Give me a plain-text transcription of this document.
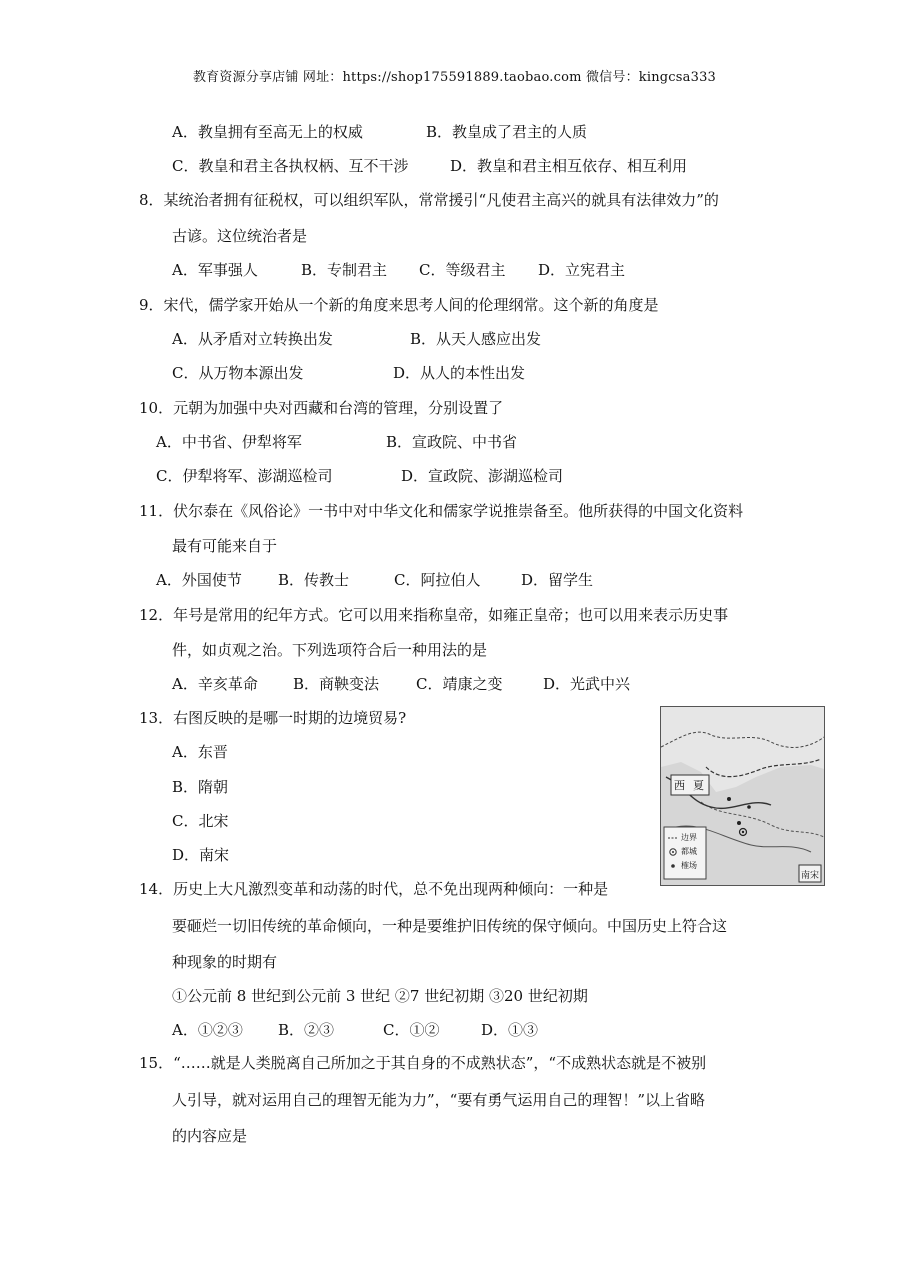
教育资源分享店铺 网址：https://shop175591889.taobao.com 微信号：kingcsa333
A．教皇拥有至高无上的权威	B．教皇成了君主的人质
C．教皇和君主各执权柄、互不干涉	D．教皇和君主相互依存、相互利用
8．某统治者拥有征税权，可以组织军队，常常援引“凡使君主高兴的就具有法律效力”的
古谚。这位统治者是
A．军事强人	B．专制君主 C．等级君主 D．立宪君主
9．宋代，儒学家开始从一个新的角度来思考人间的伦理纲常。这个新的角度是
A．从矛盾对立转换出发	B．从天人感应出发
C．从万物本源出发	D．从人的本性出发
10．元朝为加强中央对西藏和台湾的管理，分别设置了
A．中书省、伊犁将军	B．宣政院、中书省
C．伊犁将军、澎湖巡检司	D．宣政院、澎湖巡检司
11．伏尔泰在《风俗论》一书中对中华文化和儒家学说推崇备至。他所获得的中国文化资料
最有可能来自于
A．外国使节 B．传教士	C．阿拉伯人	D．留学生
12．年号是常用的纪年方式。它可以用来指称皇帝，如雍正皇帝；也可以用来表示历史事
件，如贞观之治。下列选项符合后一种用法的是
A．辛亥革命 B．商鞅变法 C．靖康之变	D．光武中兴
13．右图反映的是哪一时期的边境贸易?
A．东晋
B．隋朝
C．北宋
D．南宋
西 夏
边界
都城
榷场
南宋
14．历史上大凡激烈变革和动荡的时代，总不免出现两种倾向：一种是
要砸烂一切旧传统的革命倾向，一种是要维护旧传统的保守倾向。中国历史上符合这
种现象的时期有
①公元前 8 世纪到公元前 3 世纪 ②7 世纪初期 ③20 世纪初期
A．①②③ B．②③	C．①②	D．①③
15．“……就是人类脱离自己所加之于其自身的不成熟状态”，“不成熟状态就是不被别
人引导，就对运用自己的理智无能为力”，“要有勇气运用自己的理智！”以上省略
的内容应是
